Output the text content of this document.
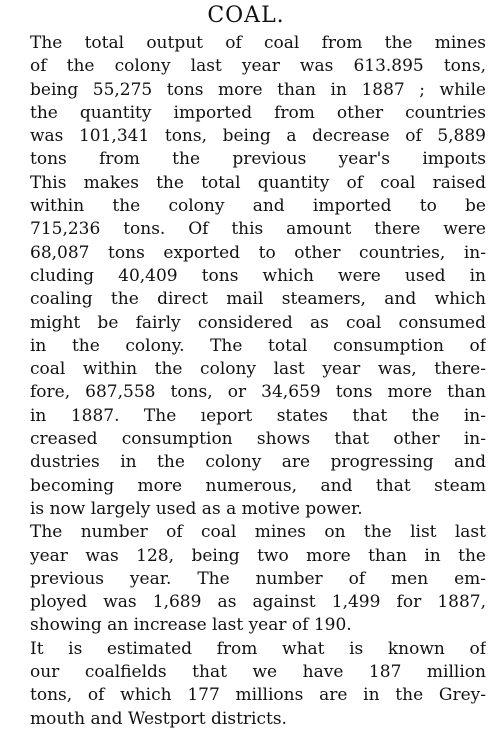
COAL.

The total output of coal from the mines
of the colony last year was 613.895 tons,
being 55,275 tons more than in 1887 ; while
the quantity imported from other countries
was 101,341 tons, being a decrease of 5,889
tons from the previous year's impoıts
This makes the total quantity of coal raised
within the colony and imported to be
715,236 tons. Of this amount there were
68,087 tons exported to other countries, in-
cluding 40,409 tons which were used in
coaling the direct mail steamers, and which
might be fairly considered as coal consumed
in the colony. The total consumption of
coal within the colony last year was, there-
fore, 687,558 tons, or 34,659 tons more than
in 1887. The ıeport states that the in-
creased consumption shows that other in-
dustries in the colony are progressing and
becoming more numerous, and that steam
is now largely used as a motive power.

The number of coal mines on the list last
year was 128, being two more than in the
previous year. The number of men em-
ployed was 1,689 as against 1,499 for 1887,
showing an increase last year of 190.

It is estimated from what is known of
our coalfields that we have 187 million
tons, of which 177 millions are in the Grey-
mouth and Westport districts.
